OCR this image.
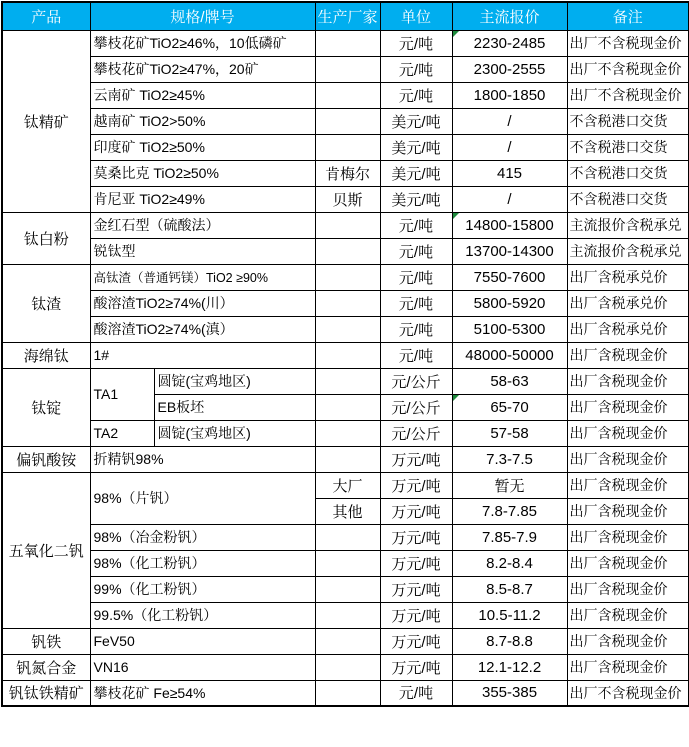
产品	规格/牌号		生产厂家	单位	主流报价	备注
钛精矿	攀枝花矿TiO2≥46%，10低磷矿			元/吨	2230-2485	出厂不含税现金价
	攀枝花矿TiO2≥47%，20矿			元/吨	2300-2555	出厂不含税现金价
	云南矿 TiO2≥45%			元/吨	1800-1850	出厂不含税现金价
	越南矿 TiO2>50%			美元/吨	/	不含税港口交货
	印度矿 TiO2≥50%			美元/吨	/	不含税港口交货
	莫桑比克 TiO2≥50%		肯梅尔	美元/吨	415	不含税港口交货
	肯尼亚 TiO2≥49%		贝斯	美元/吨	/	不含税港口交货
钛白粉	金红石型（硫酸法）			元/吨	14800-15800	主流报价含税承兑
	锐钛型			元/吨	13700-14300	主流报价含税承兑
钛渣	高钛渣（普通钙镁）TiO2 ≥90%			元/吨	7550-7600	出厂含税承兑价
	酸溶渣TiO2≥74%(川）			元/吨	5800-5920	出厂含税承兑价
	酸溶渣TiO2≥74%(滇）			元/吨	5100-5300	出厂含税承兑价
海绵钛	1#			元/吨	48000-50000	出厂含税现金价
钛锭	TA1	圆锭(宝鸡地区)		元/公斤	58-63	出厂含税现金价
		EB板坯		元/公斤	65-70	出厂含税现金价
	TA2	圆锭(宝鸡地区)		元/公斤	57-58	出厂含税现金价
偏钒酸铵	折精钒98%			万元/吨	7.3-7.5	出厂含税现金价
五氧化二钒	98%（片钒）		大厂	万元/吨	暂无	出厂含税现金价
			其他	万元/吨	7.8-7.85	出厂含税现金价
	98%（冶金粉钒）			万元/吨	7.85-7.9	出厂含税现金价
	98%（化工粉钒）			万元/吨	8.2-8.4	出厂含税现金价
	99%（化工粉钒）			万元/吨	8.5-8.7	出厂含税现金价
	99.5%（化工粉钒）			万元/吨	10.5-11.2	出厂含税现金价
钒铁	FeV50			万元/吨	8.7-8.8	出厂含税现金价
钒氮合金	VN16			万元/吨	12.1-12.2	出厂含税现金价
钒钛铁精矿	攀枝花矿 Fe≥54%			元/吨	355-385	出厂不含税现金价
